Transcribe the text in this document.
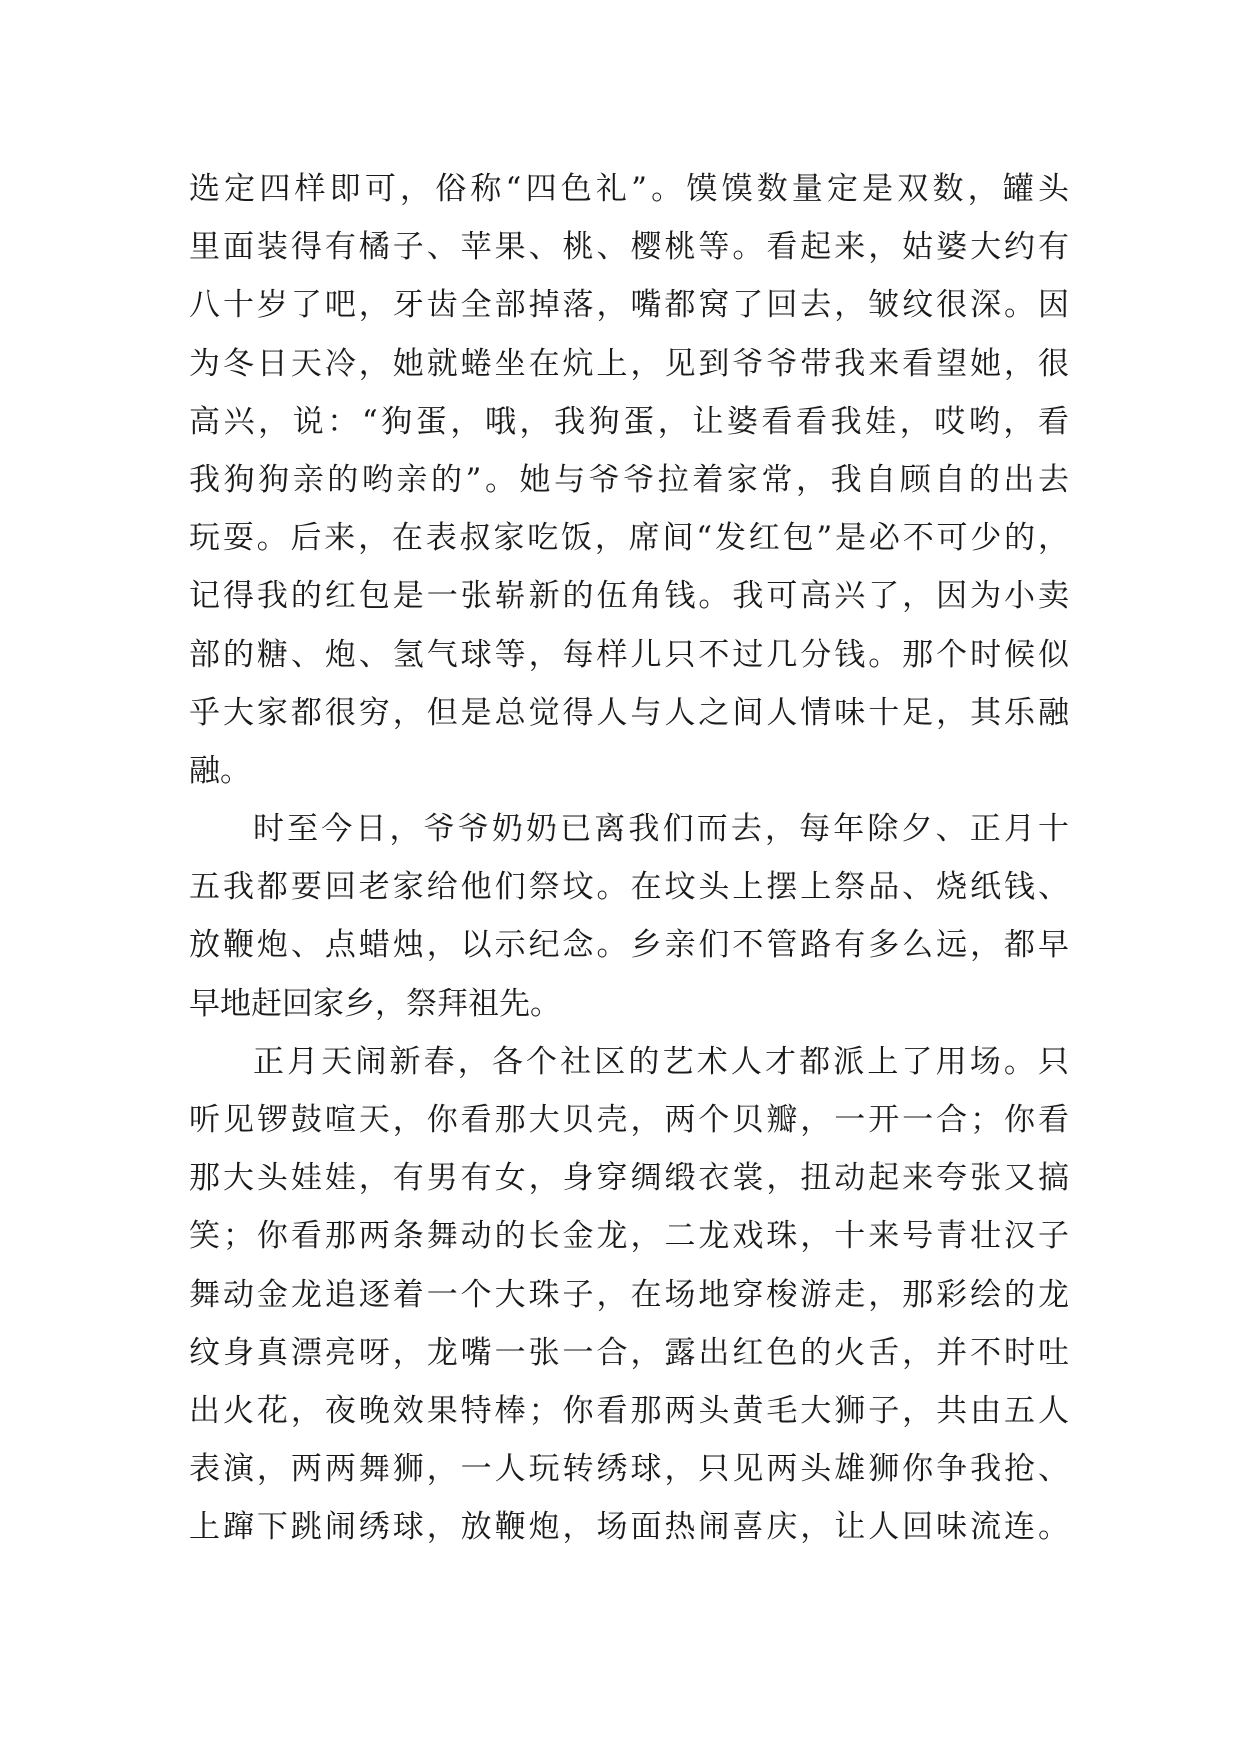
选定四样即可，俗称“四色礼”。馍馍数量定是双数，罐头
里面装得有橘子、苹果、桃、樱桃等。看起来，姑婆大约有
八十岁了吧，牙齿全部掉落，嘴都窝了回去，皱纹很深。因
为冬日天冷，她就蜷坐在炕上，见到爷爷带我来看望她，很
高兴，说：“狗蛋，哦，我狗蛋，让婆看看我娃，哎哟，看
我狗狗亲的哟亲的”。她与爷爷拉着家常，我自顾自的出去
玩耍。后来，在表叔家吃饭，席间“发红包”是必不可少的，
记得我的红包是一张崭新的伍角钱。我可高兴了，因为小卖
部的糖、炮、氢气球等，每样儿只不过几分钱。那个时候似
乎大家都很穷，但是总觉得人与人之间人情味十足，其乐融
融。
时至今日，爷爷奶奶已离我们而去，每年除夕、正月十
五我都要回老家给他们祭坟。在坟头上摆上祭品、烧纸钱、
放鞭炮、点蜡烛，以示纪念。乡亲们不管路有多么远，都早
早地赶回家乡，祭拜祖先。
正月天闹新春，各个社区的艺术人才都派上了用场。只
听见锣鼓喧天，你看那大贝壳，两个贝瓣，一开一合；你看
那大头娃娃，有男有女，身穿绸缎衣裳，扭动起来夸张又搞
笑；你看那两条舞动的长金龙，二龙戏珠，十来号青壮汉子
舞动金龙追逐着一个大珠子，在场地穿梭游走，那彩绘的龙
纹身真漂亮呀，龙嘴一张一合，露出红色的火舌，并不时吐
出火花，夜晚效果特棒；你看那两头黄毛大狮子，共由五人
表演，两两舞狮，一人玩转绣球，只见两头雄狮你争我抢、
上蹿下跳闹绣球，放鞭炮，场面热闹喜庆，让人回味流连。
